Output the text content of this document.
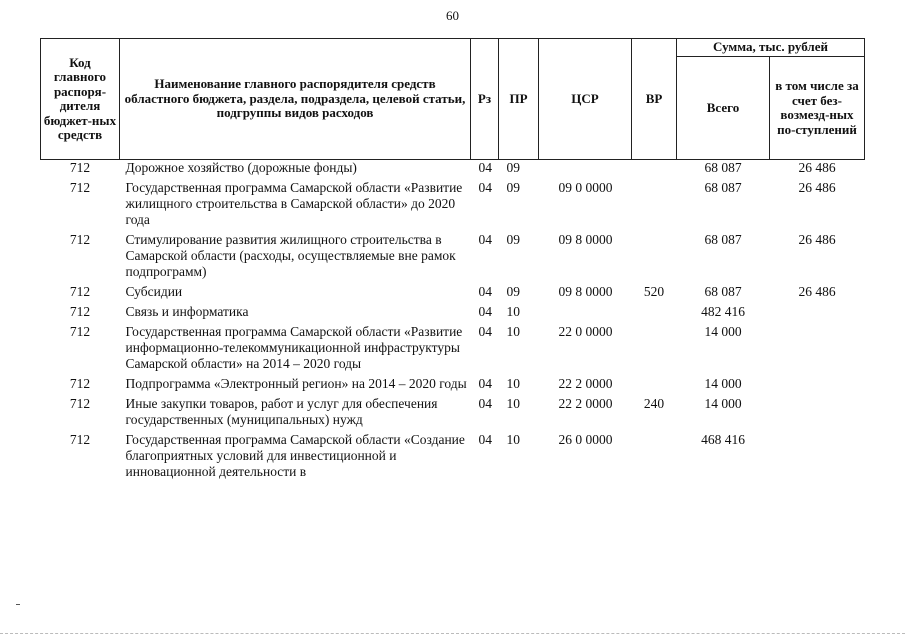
60
Код главного распоря-дителя бюджет-ных средств	Наименование главного распорядителя средств областного бюджета, раздела, подраздела, целевой статьи, подгруппы видов расходов	Рз	ПР	ЦСР	ВР	Сумма, тыс. рублей	
						Всего	в том числе за счет без-возмезд-ных по-ступлений
712	Дорожное хозяйство (дорожные фонды)	04	09			68 087	26 486
712	Государственная программа Самарской области «Развитие жилищного строительства в Самарской области» до 2020 года	04	09	09 0 0000		68 087	26 486
712	Стимулирование развития жилищного строительства в Самарской области (расходы, осуществляемые вне рамок подпрограмм)	04	09	09 8 0000		68 087	26 486
712	Субсидии	04	09	09 8 0000	520	68 087	26 486
712	Связь и информатика	04	10			482 416	
712	Государственная программа Самарской области «Развитие информационно-телекоммуникационной инфраструктуры Самарской области» на 2014 – 2020 годы	04	10	22 0 0000		14 000	
712	Подпрограмма «Электронный регион» на 2014 – 2020 годы	04	10	22 2 0000		14 000	
712	Иные закупки товаров, работ и услуг для обеспечения государственных (муниципальных) нужд	04	10	22 2 0000	240	14 000	
712	Государственная программа Самарской области «Создание благоприятных условий для инвестиционной и инновационной деятельности в	04	10	26 0 0000		468 416	
